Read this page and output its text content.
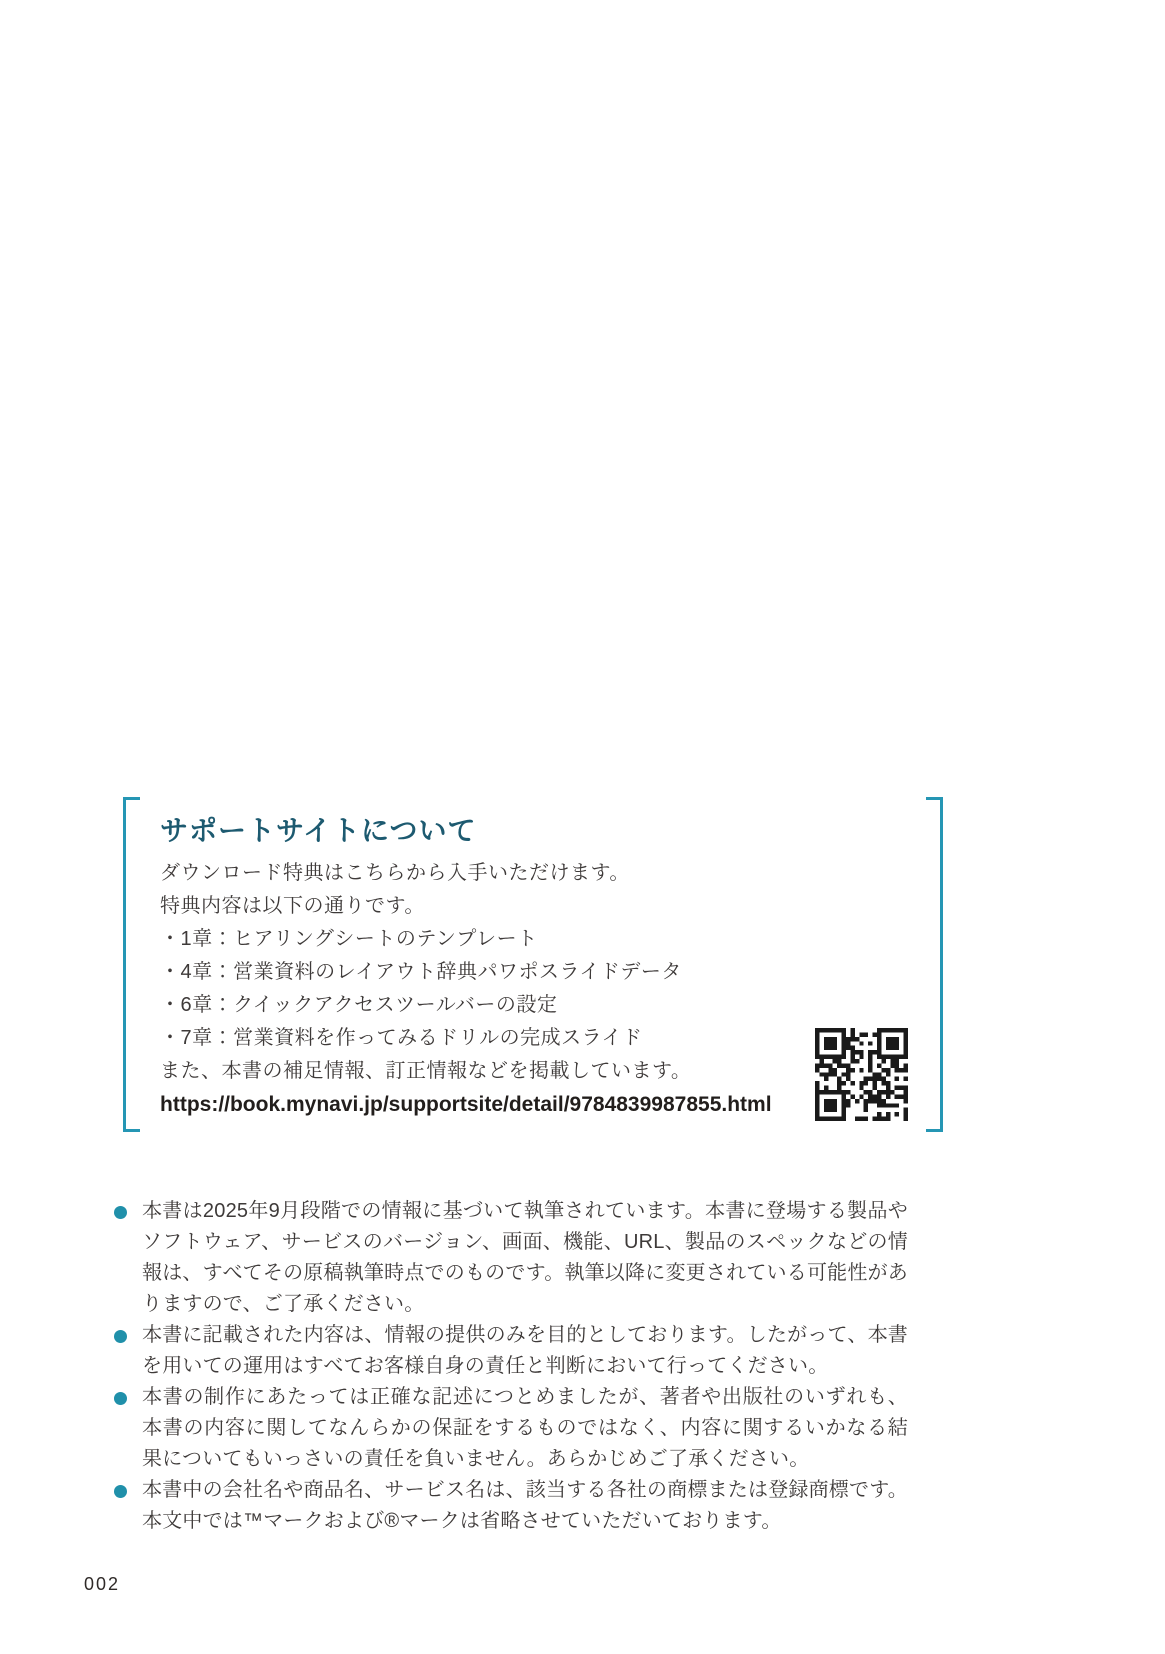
サポートサイトについて

ダウンロード特典はこちらから入手いただけます。

特典内容は以下の通りです。

・1章：ヒアリングシートのテンプレート

・4章：営業資料のレイアウト辞典パワポスライドデータ

・6章：クイックアクセスツールバーの設定

・7章：営業資料を作ってみるドリルの完成スライド

また、本書の補足情報、訂正情報などを掲載しています。

https://book.mynavi.jp/supportsite/detail/9784839987855.html

本書は2025年9月段階での情報に基づいて執筆されています。本書に登場する製品やソフトウェア、サービスのバージョン、画面、機能、URL、製品のスペックなどの情報は、すべてその原稿執筆時点でのものです。執筆以降に変更されている可能性がありますので、ご了承ください。

本書に記載された内容は、情報の提供のみを目的としております。したがって、本書を用いての運用はすべてお客様自身の責任と判断において行ってください。

本書の制作にあたっては正確な記述につとめましたが、著者や出版社のいずれも、本書の内容に関してなんらかの保証をするものではなく、内容に関するいかなる結果についてもいっさいの責任を負いません。あらかじめご了承ください。

本書中の会社名や商品名、サービス名は、該当する各社の商標または登録商標です。本文中では™マークおよび®マークは省略させていただいております。

002
